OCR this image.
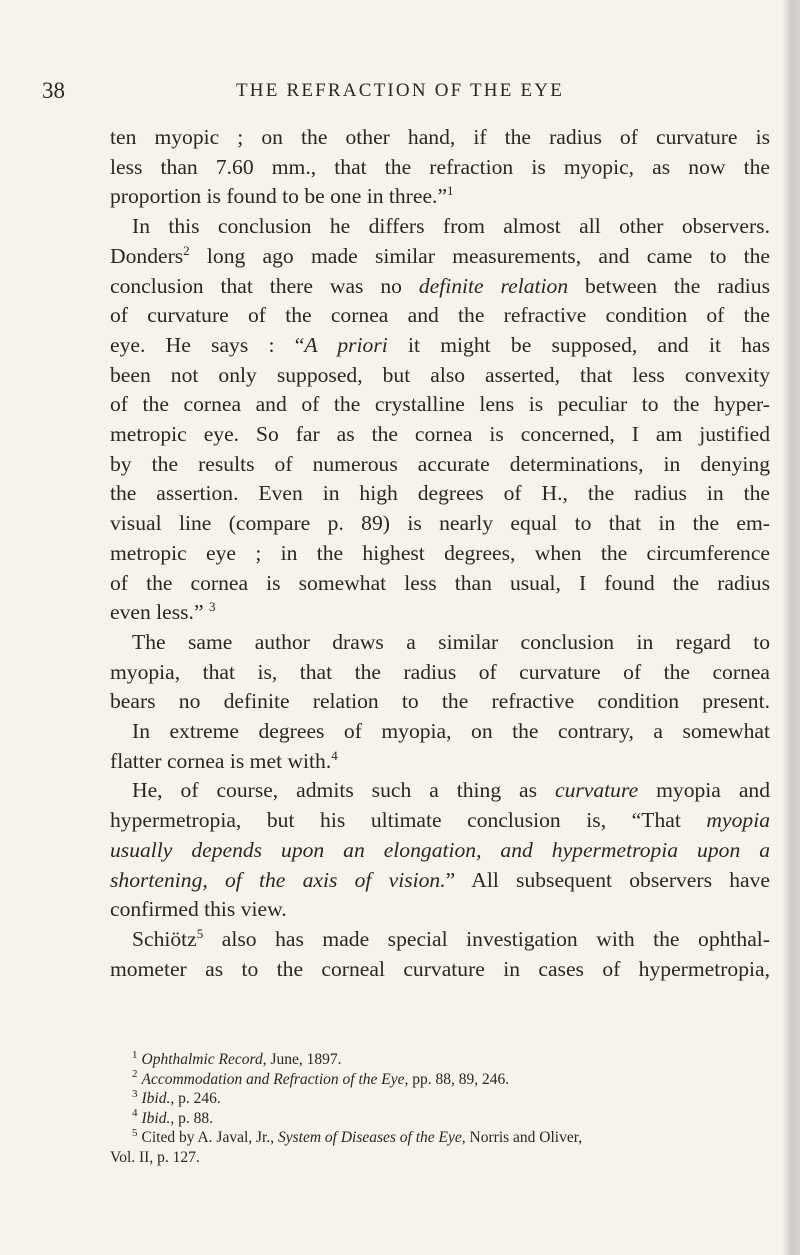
38	THE REFRACTION OF THE EYE
ten myopic ; on the other hand, if the radius of curvature is
less than 7.60 mm., that the refraction is myopic, as now the
proportion is found to be one in three.”$^1$
In this conclusion he differs from almost all other observers.
Donders$^2$ long ago made similar measurements, and came to the
conclusion that there was no definite relation between the radius
of curvature of the cornea and the refractive condition of the
eye. He says : “A priori it might be supposed, and it has
been not only supposed, but also asserted, that less convexity
of the cornea and of the crystalline lens is peculiar to the hyper-
metropic eye. So far as the cornea is concerned, I am justified
by the results of numerous accurate determinations, in denying
the assertion. Even in high degrees of H., the radius in the
visual line (compare p. 89) is nearly equal to that in the em-
metropic eye ; in the highest degrees, when the circumference
of the cornea is somewhat less than usual, I found the radius
even less.” $^3$
The same author draws a similar conclusion in regard to
myopia, that is, that the radius of curvature of the cornea
bears no definite relation to the refractive condition present.
In extreme degrees of myopia, on the contrary, a somewhat
flatter cornea is met with.$^4$
He, of course, admits such a thing as curvature myopia and
hypermetropia, but his ultimate conclusion is, “That myopia
usually depends upon an elongation, and hypermetropia upon a
shortening, of the axis of vision.” All subsequent observers have
confirmed this view.
Schiötz$^5$ also has made special investigation with the ophthal-
mometer as to the corneal curvature in cases of hypermetropia,
$^1$ Ophthalmic Record, June, 1897.
$^2$ Accommodation and Refraction of the Eye, pp. 88, 89, 246.
$^3$ Ibid., p. 246.
$^4$ Ibid., p. 88.
$^5$ Cited by A. Javal, Jr., System of Diseases of the Eye, Norris and Oliver,
Vol. II, p. 127.
